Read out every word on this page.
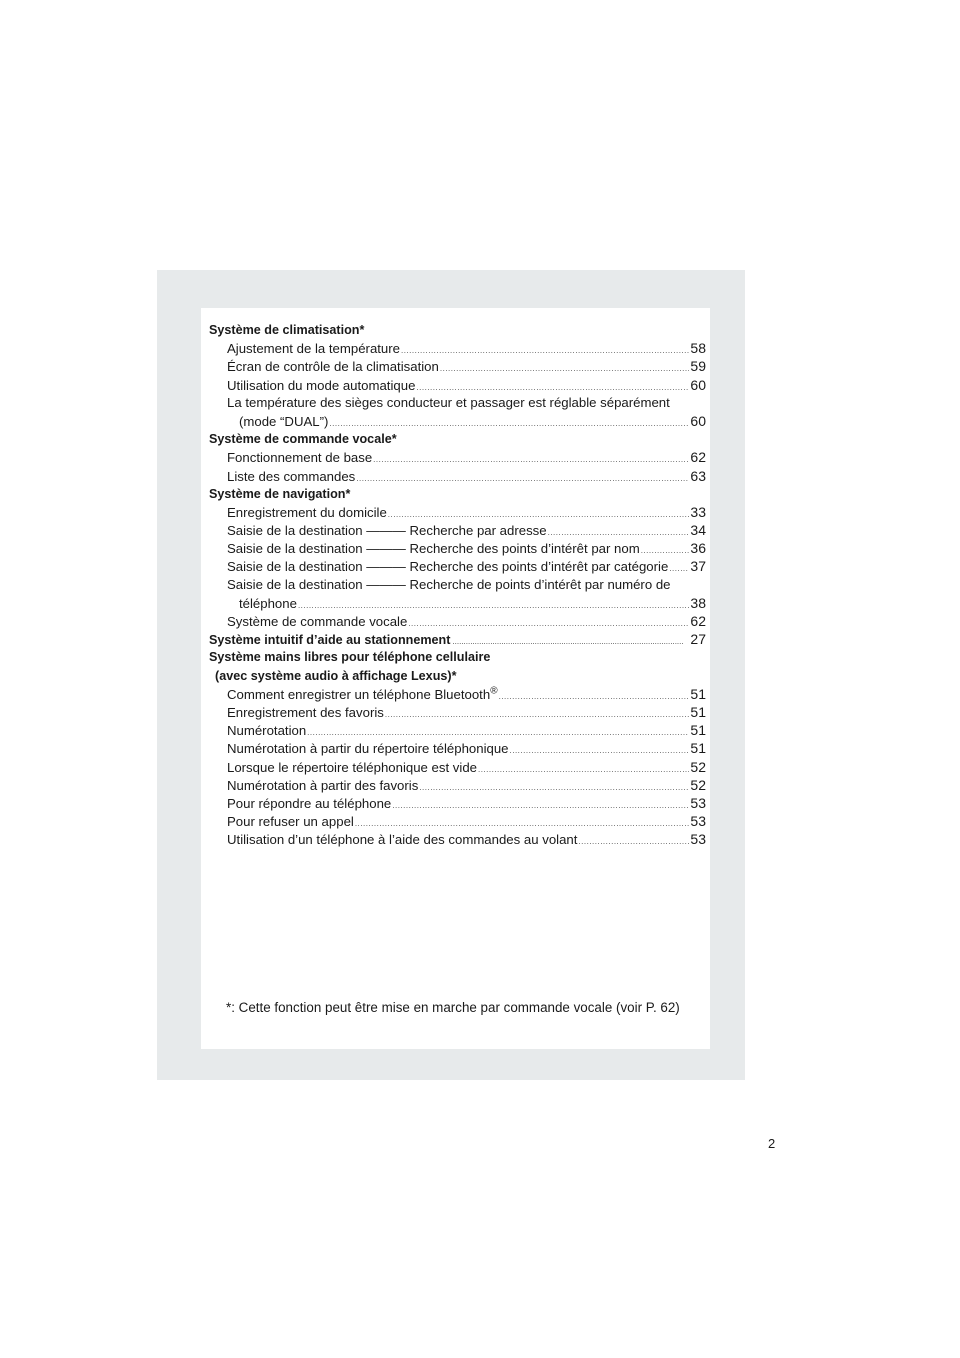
Système de climatisation*
Ajustement de la température .....	58
Écran de contrôle de la climatisation .....	59
Utilisation du mode automatique .....	60
La température des sièges conducteur et passager est réglable séparément
(mode “DUAL”) .....	60
Système de commande vocale*
Fonctionnement de base .....	62
Liste des commandes .....	63
Système de navigation*
Enregistrement du domicile .....	33
Saisie de la destination ——— Recherche par adresse .....	34
Saisie de la destination ——— Recherche des points d’intérêt par nom .....	36
Saisie de la destination ——— Recherche des points d’intérêt par catégorie ..... 37
Saisie de la destination ——— Recherche de points d’intérêt par numéro de
téléphone .....	38
Système de commande vocale .....	62
Système intuitif d’aide au stationnement .....	27
Système mains libres pour téléphone cellulaire
(avec système audio à affichage Lexus)*
Comment enregistrer un téléphone Bluetooth® .....	51
Enregistrement des favoris .....	51
Numérotation .....	51
Numérotation à partir du répertoire téléphonique .....	51
Lorsque le répertoire téléphonique est vide .....	52
Numérotation à partir des favoris .....	52
Pour répondre au téléphone .....	53
Pour refuser un appel .....	53
Utilisation d’un téléphone à l’aide des commandes au volant .....	53
*: Cette fonction peut être mise en marche par commande vocale (voir P. 62)
2
